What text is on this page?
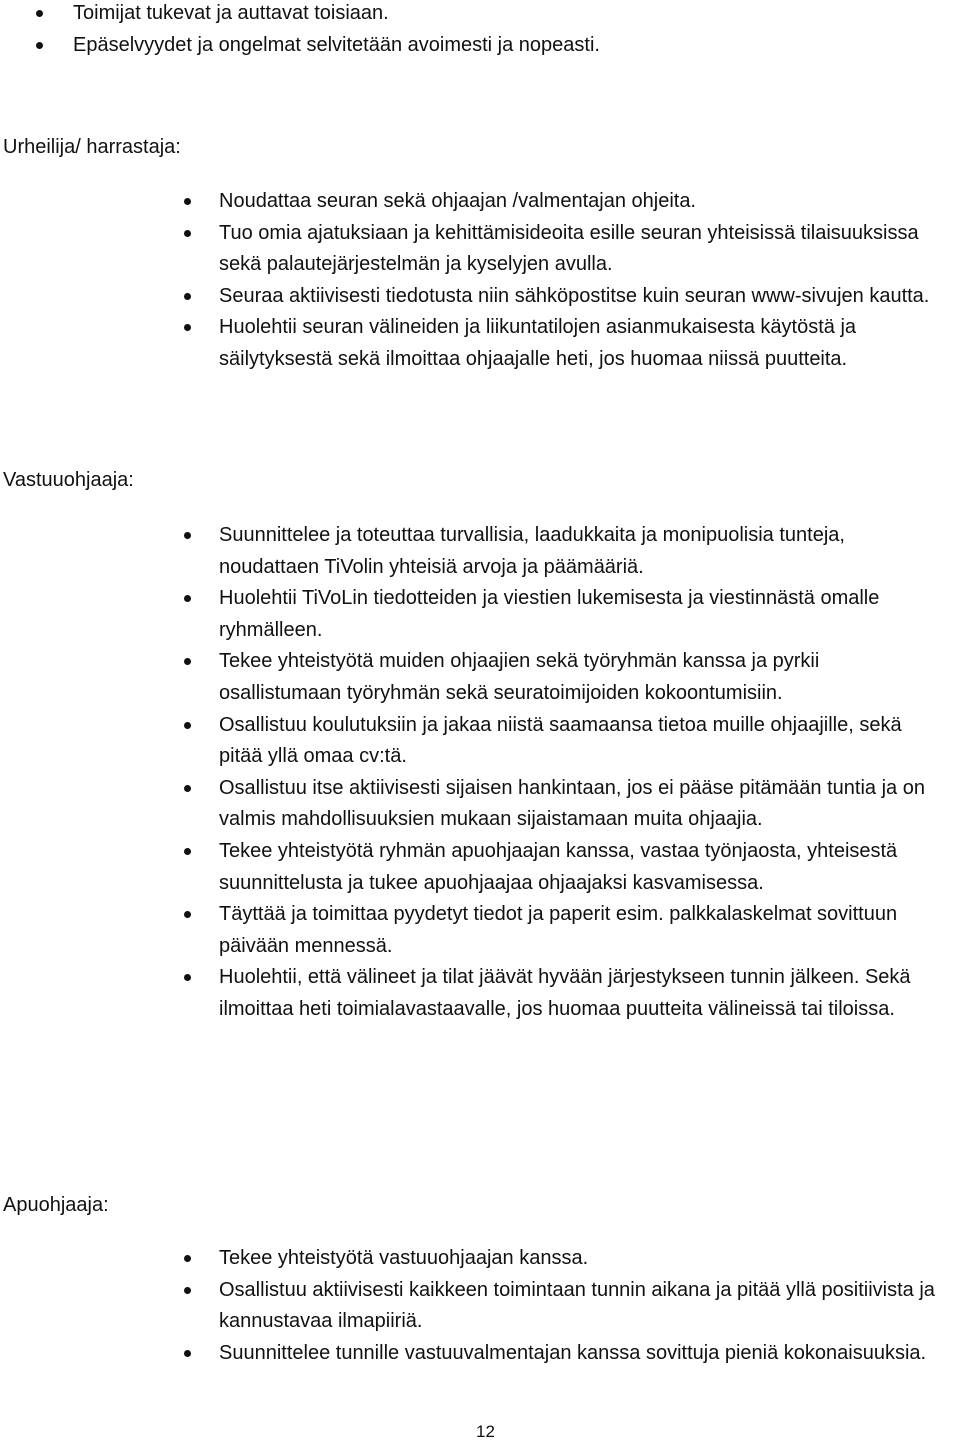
Toimijat tukevat ja auttavat toisiaan.
Epäselvyydet ja ongelmat selvitetään avoimesti ja nopeasti.
Urheilija/ harrastaja:
Noudattaa seuran sekä ohjaajan /valmentajan ohjeita.
Tuo omia ajatuksiaan ja kehittämisideoita esille seuran yhteisissä tilaisuuksissa sekä palautejärjestelmän ja kyselyjen avulla.
Seuraa aktiivisesti tiedotusta niin sähköpostitse kuin seuran www-sivujen kautta.
Huolehtii seuran välineiden ja liikuntatilojen asianmukaisesta käytöstä ja säilytyksestä sekä ilmoittaa ohjaajalle heti, jos huomaa niissä puutteita.
Vastuuohjaaja:
Suunnittelee ja toteuttaa turvallisia, laadukkaita ja monipuolisia tunteja, noudattaen TiVolin yhteisiä arvoja ja päämääriä.
Huolehtii TiVoLin tiedotteiden ja viestien lukemisesta ja viestinnästä omalle ryhmälleen.
Tekee yhteistyötä muiden ohjaajien sekä työryhmän kanssa ja pyrkii osallistumaan työryhmän sekä seuratoimijoiden kokoontumisiin.
Osallistuu koulutuksiin ja jakaa niistä saamaansa tietoa muille ohjaajille, sekä pitää yllä omaa cv:tä.
Osallistuu itse aktiivisesti sijaisen hankintaan, jos ei pääse pitämään tuntia ja on valmis mahdollisuuksien mukaan sijaistamaan muita ohjaajia.
Tekee yhteistyötä ryhmän apuohjaajan kanssa, vastaa työnjaosta, yhteisestä suunnittelusta ja tukee apuohjaajaa ohjaajaksi kasvamisessa.
Täyttää ja toimittaa pyydetyt tiedot ja paperit esim. palkkalaskelmat sovittuun päivään mennessä.
Huolehtii, että välineet ja tilat jäävät hyvään järjestykseen tunnin jälkeen. Sekä ilmoittaa heti toimialavastaavalle, jos huomaa puutteita välineissä tai tiloissa.
Apuohjaaja:
Tekee yhteistyötä vastuuohjaajan kanssa.
Osallistuu aktiivisesti kaikkeen toimintaan tunnin aikana ja pitää yllä positiivista ja kannustavaa ilmapiiriä.
Suunnittelee tunnille vastuuvalmentajan kanssa sovittuja pieniä kokonaisuuksia.
12
